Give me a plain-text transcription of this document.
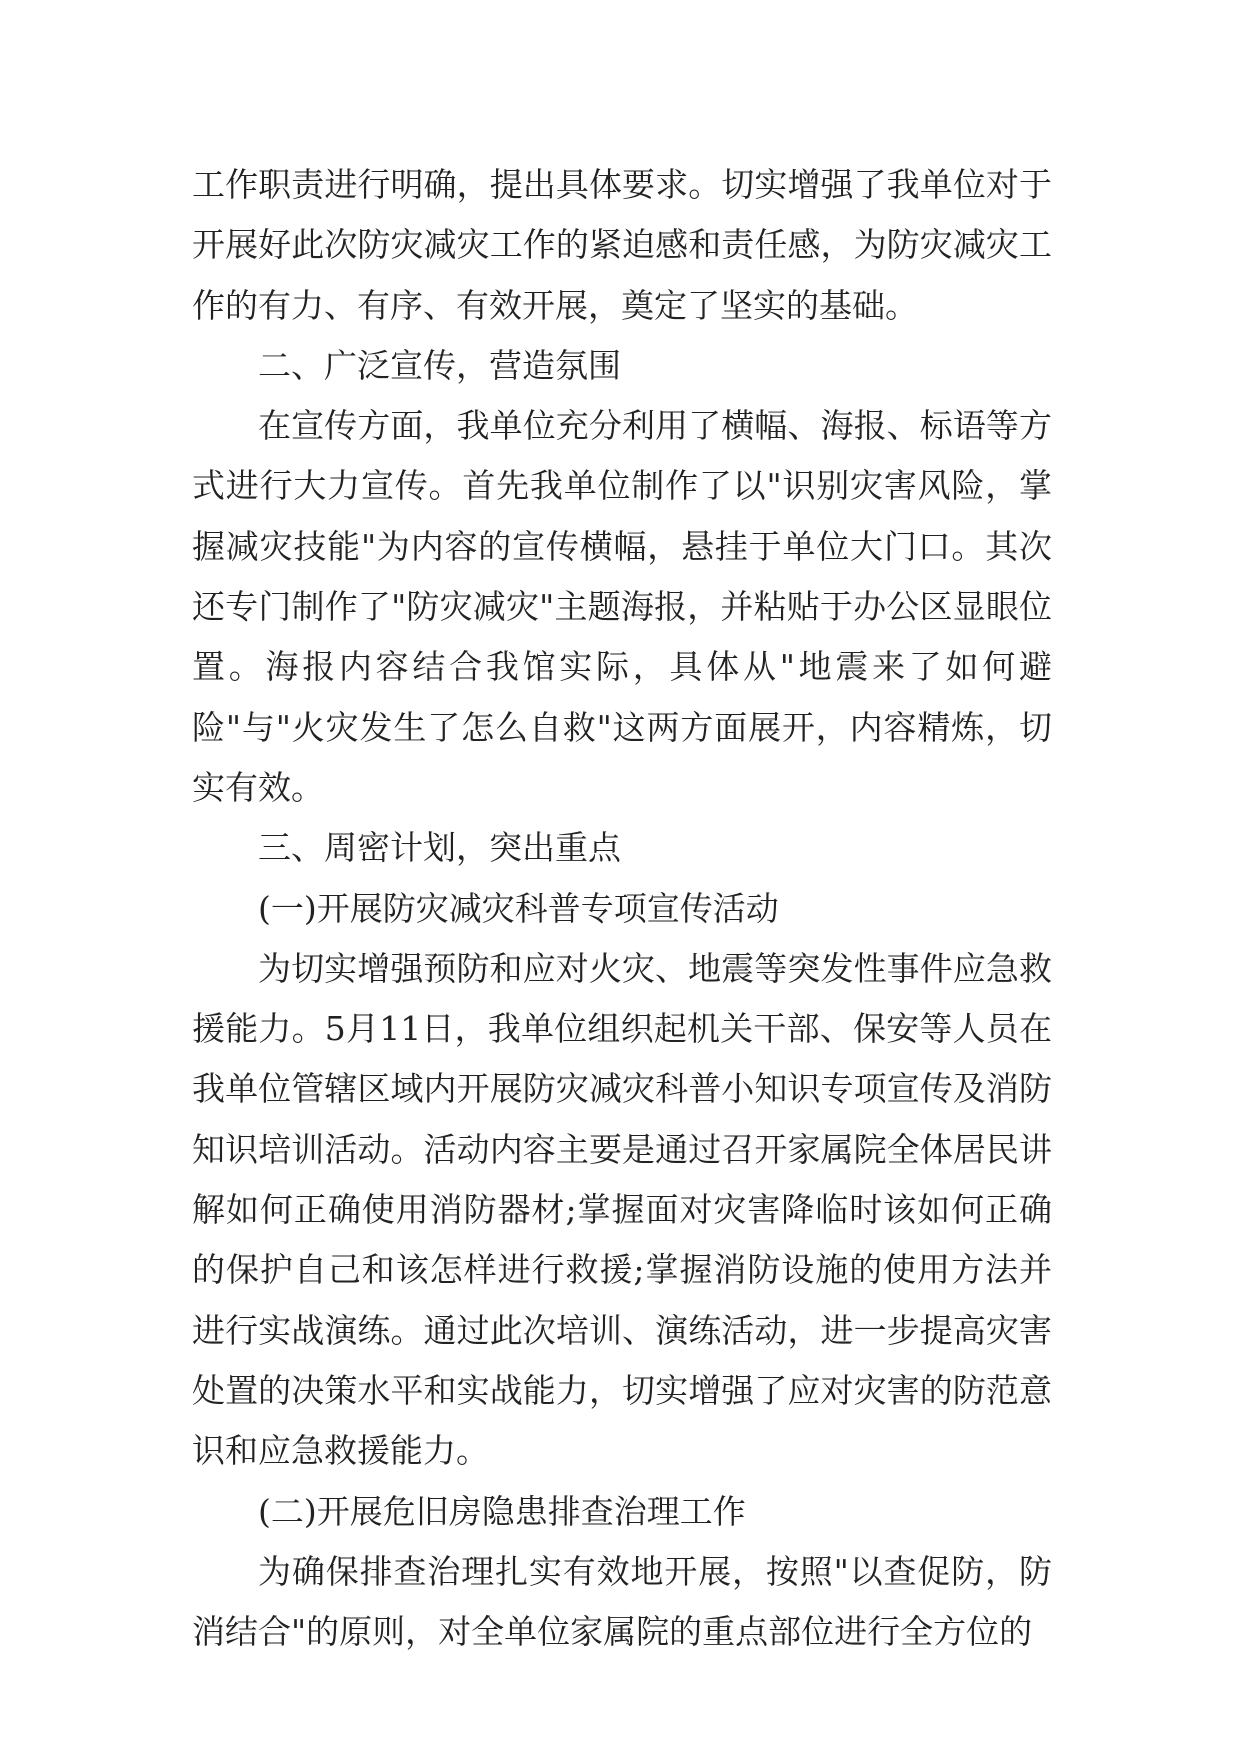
工作职责进行明确，提出具体要求。切实增强了我单位对于开展好此次防灾减灾工作的紧迫感和责任感，为防灾减灾工作的有力、有序、有效开展，奠定了坚实的基础。

二、广泛宣传，营造氛围

在宣传方面，我单位充分利用了横幅、海报、标语等方式进行大力宣传。首先我单位制作了以"识别灾害风险，掌握减灾技能"为内容的宣传横幅，悬挂于单位大门口。其次还专门制作了"防灾减灾"主题海报，并粘贴于办公区显眼位置。海报内容结合我馆实际，具体从"地震来了如何避险"与"火灾发生了怎么自救"这两方面展开，内容精炼，切实有效。

三、周密计划，突出重点

(一)开展防灾减灾科普专项宣传活动

为切实增强预防和应对火灾、地震等突发性事件应急救援能力。5月11日，我单位组织起机关干部、保安等人员在我单位管辖区域内开展防灾减灾科普小知识专项宣传及消防知识培训活动。活动内容主要是通过召开家属院全体居民讲解如何正确使用消防器材;掌握面对灾害降临时该如何正确的保护自己和该怎样进行救援;掌握消防设施的使用方法并进行实战演练。通过此次培训、演练活动，进一步提高灾害处置的决策水平和实战能力，切实增强了应对灾害的防范意识和应急救援能力。

(二)开展危旧房隐患排查治理工作

为确保排查治理扎实有效地开展，按照"以查促防，防消结合"的原则，对全单位家属院的重点部位进行全方位的
